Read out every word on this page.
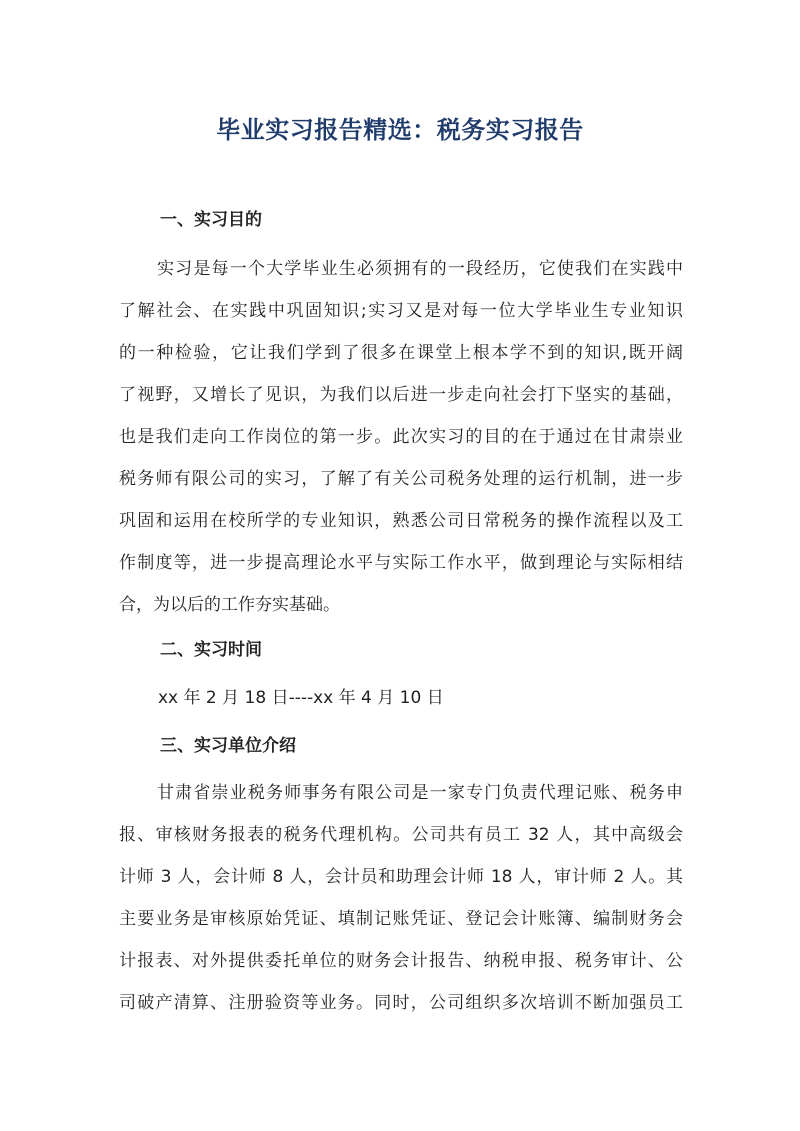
毕业实习报告精选：税务实习报告
一、实习目的
实习是每一个大学毕业生必须拥有的一段经历，它使我们在实践中
了解社会、在实践中巩固知识;实习又是对每一位大学毕业生专业知识
的一种检验，它让我们学到了很多在课堂上根本学不到的知识,既开阔
了视野，又增长了见识，为我们以后进一步走向社会打下坚实的基础，
也是我们走向工作岗位的第一步。此次实习的目的在于通过在甘肃崇业
税务师有限公司的实习，了解了有关公司税务处理的运行机制，进一步
巩固和运用在校所学的专业知识，熟悉公司日常税务的操作流程以及工
作制度等，进一步提高理论水平与实际工作水平，做到理论与实际相结
合，为以后的工作夯实基础。
二、实习时间
xx 年 2 月 18 日----xx 年 4 月 10 日
三、实习单位介绍
甘肃省崇业税务师事务有限公司是一家专门负责代理记账、税务申
报、审核财务报表的税务代理机构。公司共有员工 32 人，其中高级会
计师 3 人，会计师 8 人，会计员和助理会计师 18 人，审计师 2 人。其
主要业务是审核原始凭证、填制记账凭证、登记会计账簿、编制财务会
计报表、对外提供委托单位的财务会计报告、纳税申报、税务审计、公
司破产清算、注册验资等业务。同时，公司组织多次培训不断加强员工
